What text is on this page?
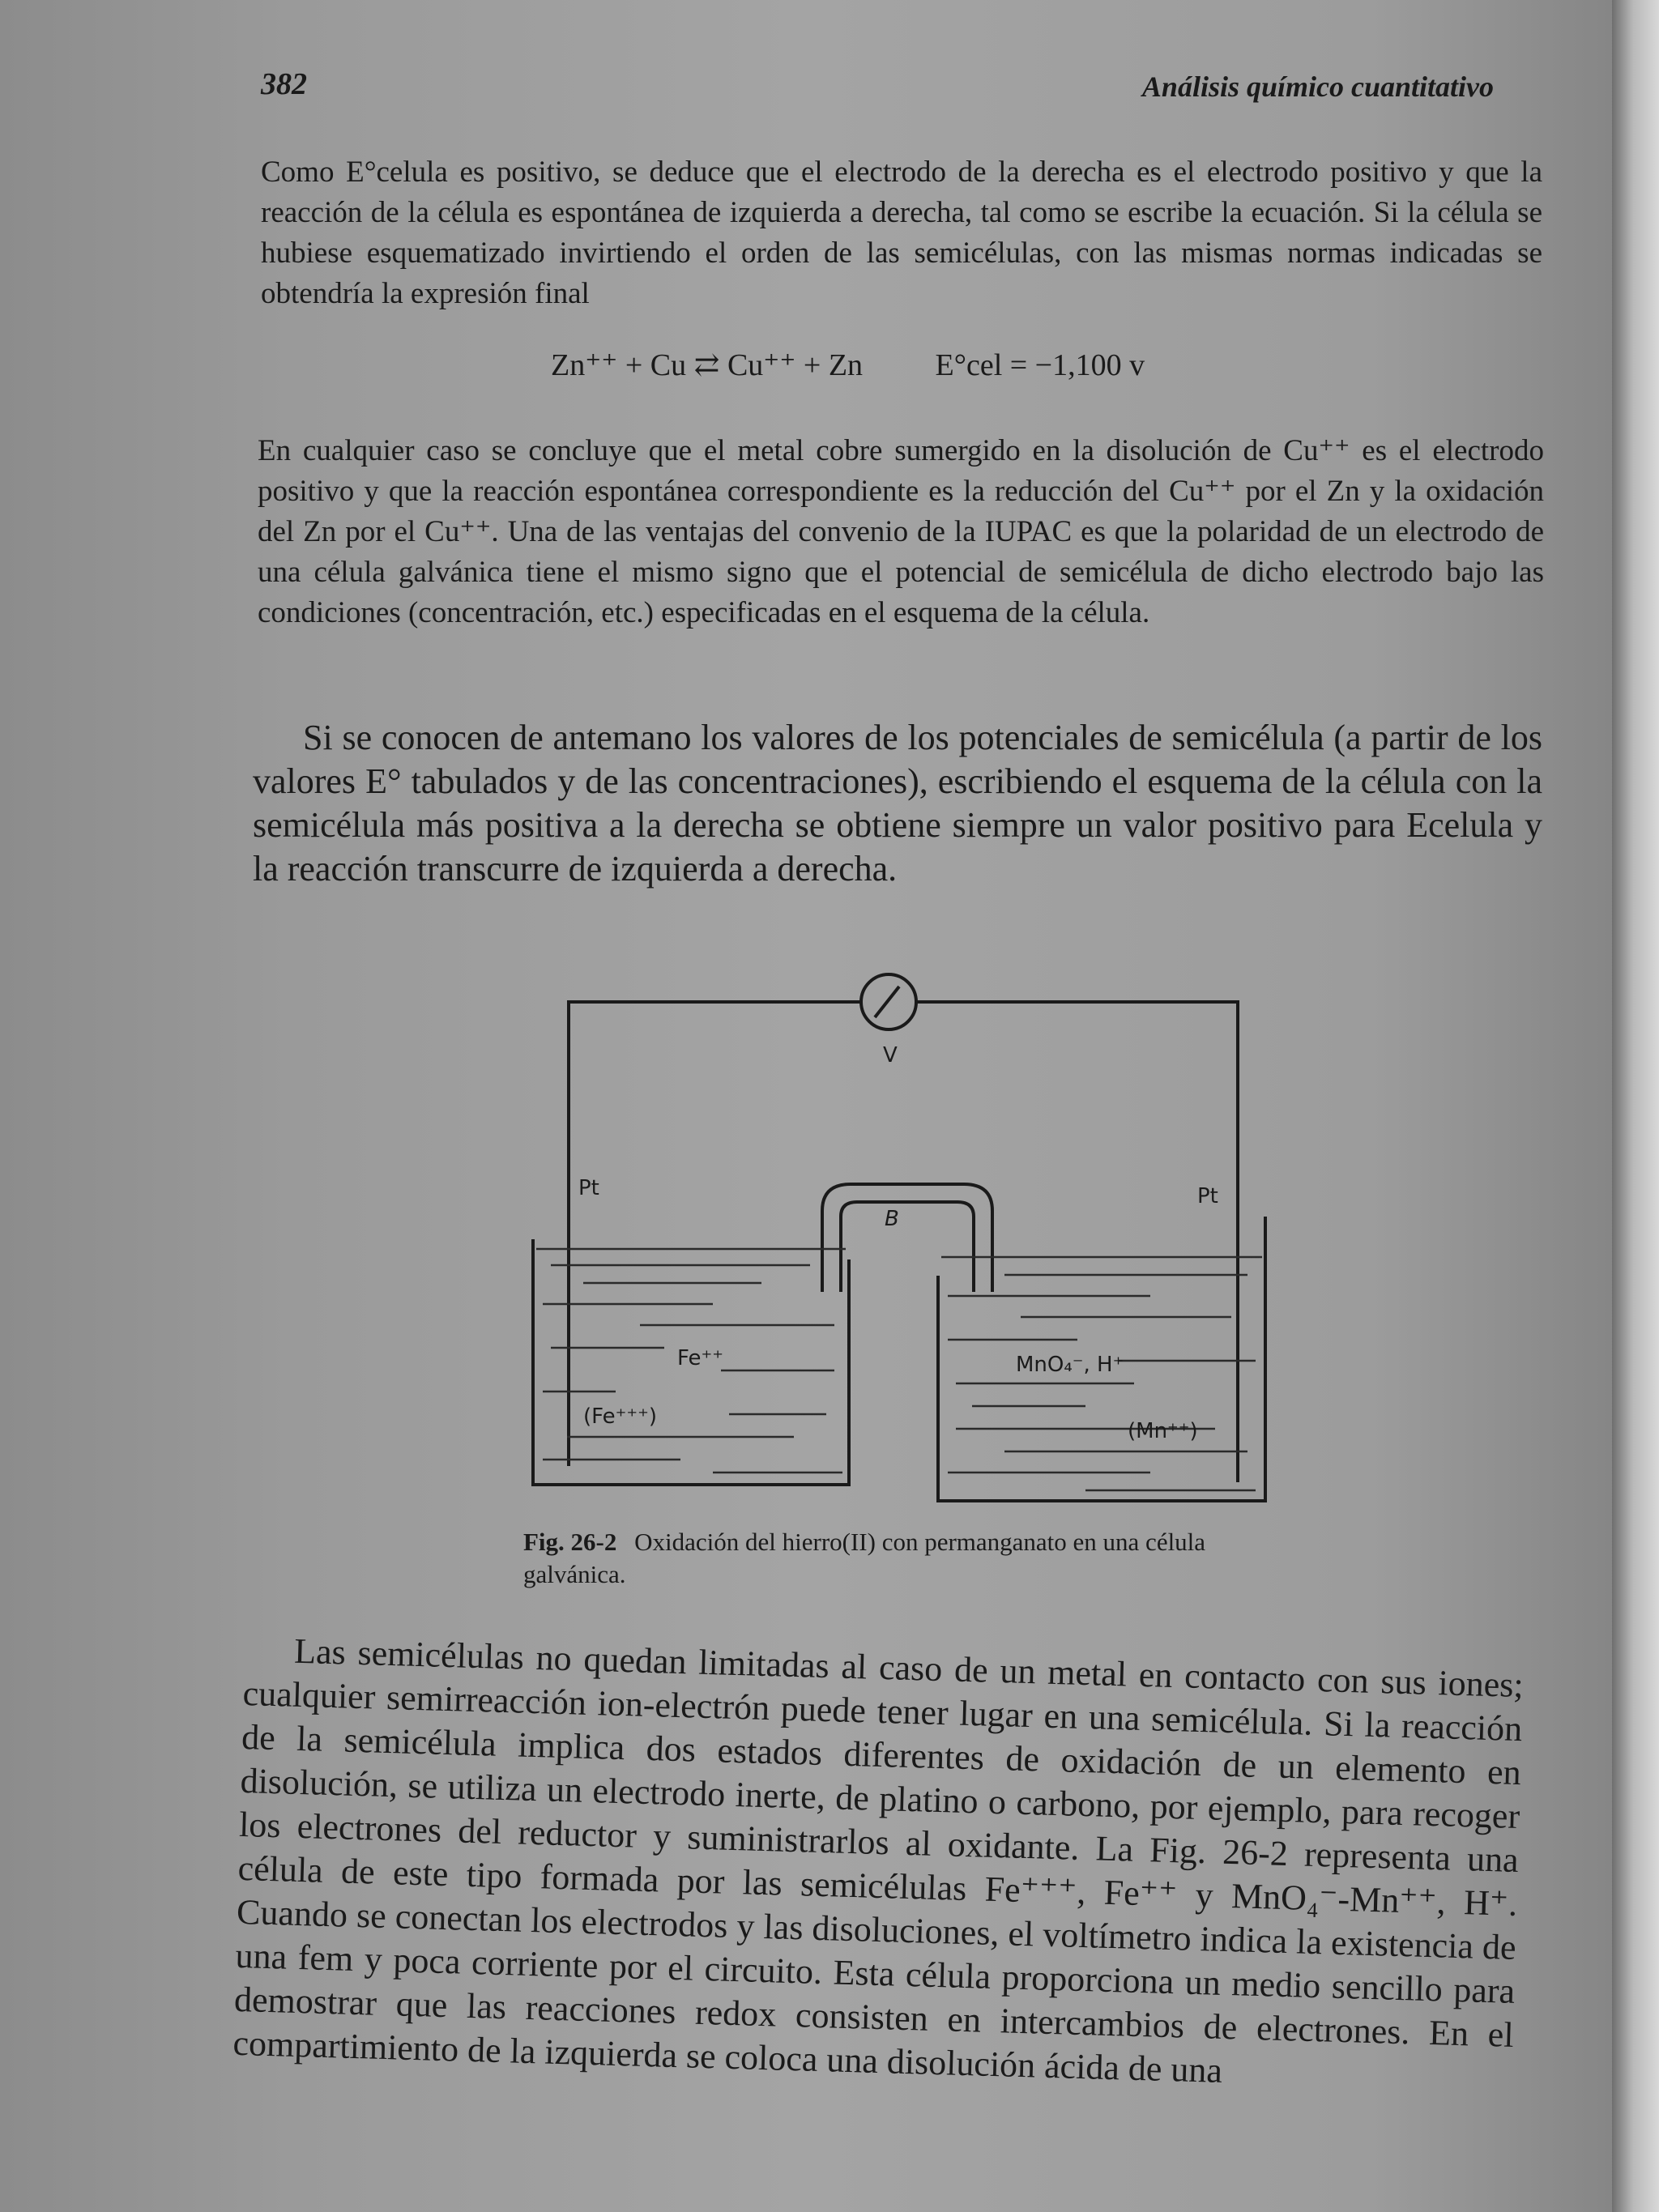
382	Análisis químico cuantitativo

Como E°celula es positivo, se deduce que el electrodo de la derecha es el electrodo positivo y que la reacción de la célula es espontánea de izquierda a derecha, tal como se escribe la ecuación. Si la célula se hubiese esquematizado invirtiendo el orden de las semicélulas, con las mismas normas indicadas se obtendría la expresión final

Zn⁺⁺ + Cu ⇄ Cu⁺⁺ + Zn E°cel = −1,100 v

En cualquier caso se concluye que el metal cobre sumergido en la disolución de Cu⁺⁺ es el electrodo positivo y que la reacción espontánea correspondiente es la reducción del Cu⁺⁺ por el Zn y la oxidación del Zn por el Cu⁺⁺. Una de las ventajas del convenio de la IUPAC es que la polaridad de un electrodo de una célula galvánica tiene el mismo signo que el potencial de semicélula de dicho electrodo bajo las condiciones (concentración, etc.) especificadas en el esquema de la célula.

Si se conocen de antemano los valores de los potenciales de semicélula (a partir de los valores E° tabulados y de las concentraciones), escribiendo el esquema de la célula con la semicélula más positiva a la derecha se obtiene siempre un valor positivo para Ecelula y la reacción transcurre de izquierda a derecha.

V
Pt	Pt
B
Fe⁺⁺
(Fe⁺⁺⁺)
MnO₄⁻, H⁺
(Mn⁺⁺)
Fig. 26-2 Oxidación del hierro(II) con permanganato en una célula galvánica.

Las semicélulas no quedan limitadas al caso de un metal en contacto con sus iones; cualquier semirreacción ion-electrón puede tener lugar en una semicélula. Si la reacción de la semicélula implica dos estados diferentes de oxidación de un elemento en disolución, se utiliza un electrodo inerte, de platino o carbono, por ejemplo, para recoger los electrones del reductor y suministrarlos al oxidante. La Fig. 26-2 representa una célula de este tipo formada por las semicélulas Fe⁺⁺⁺, Fe⁺⁺ y MnO₄⁻-Mn⁺⁺, H⁺. Cuando se conectan los electrodos y las disoluciones, el voltímetro indica la existencia de una fem y poca corriente por el circuito. Esta célula proporciona un medio sencillo para demostrar que las reacciones redox consisten en intercambios de electrones. En el compartimiento de la izquierda se coloca una disolución ácida de una
